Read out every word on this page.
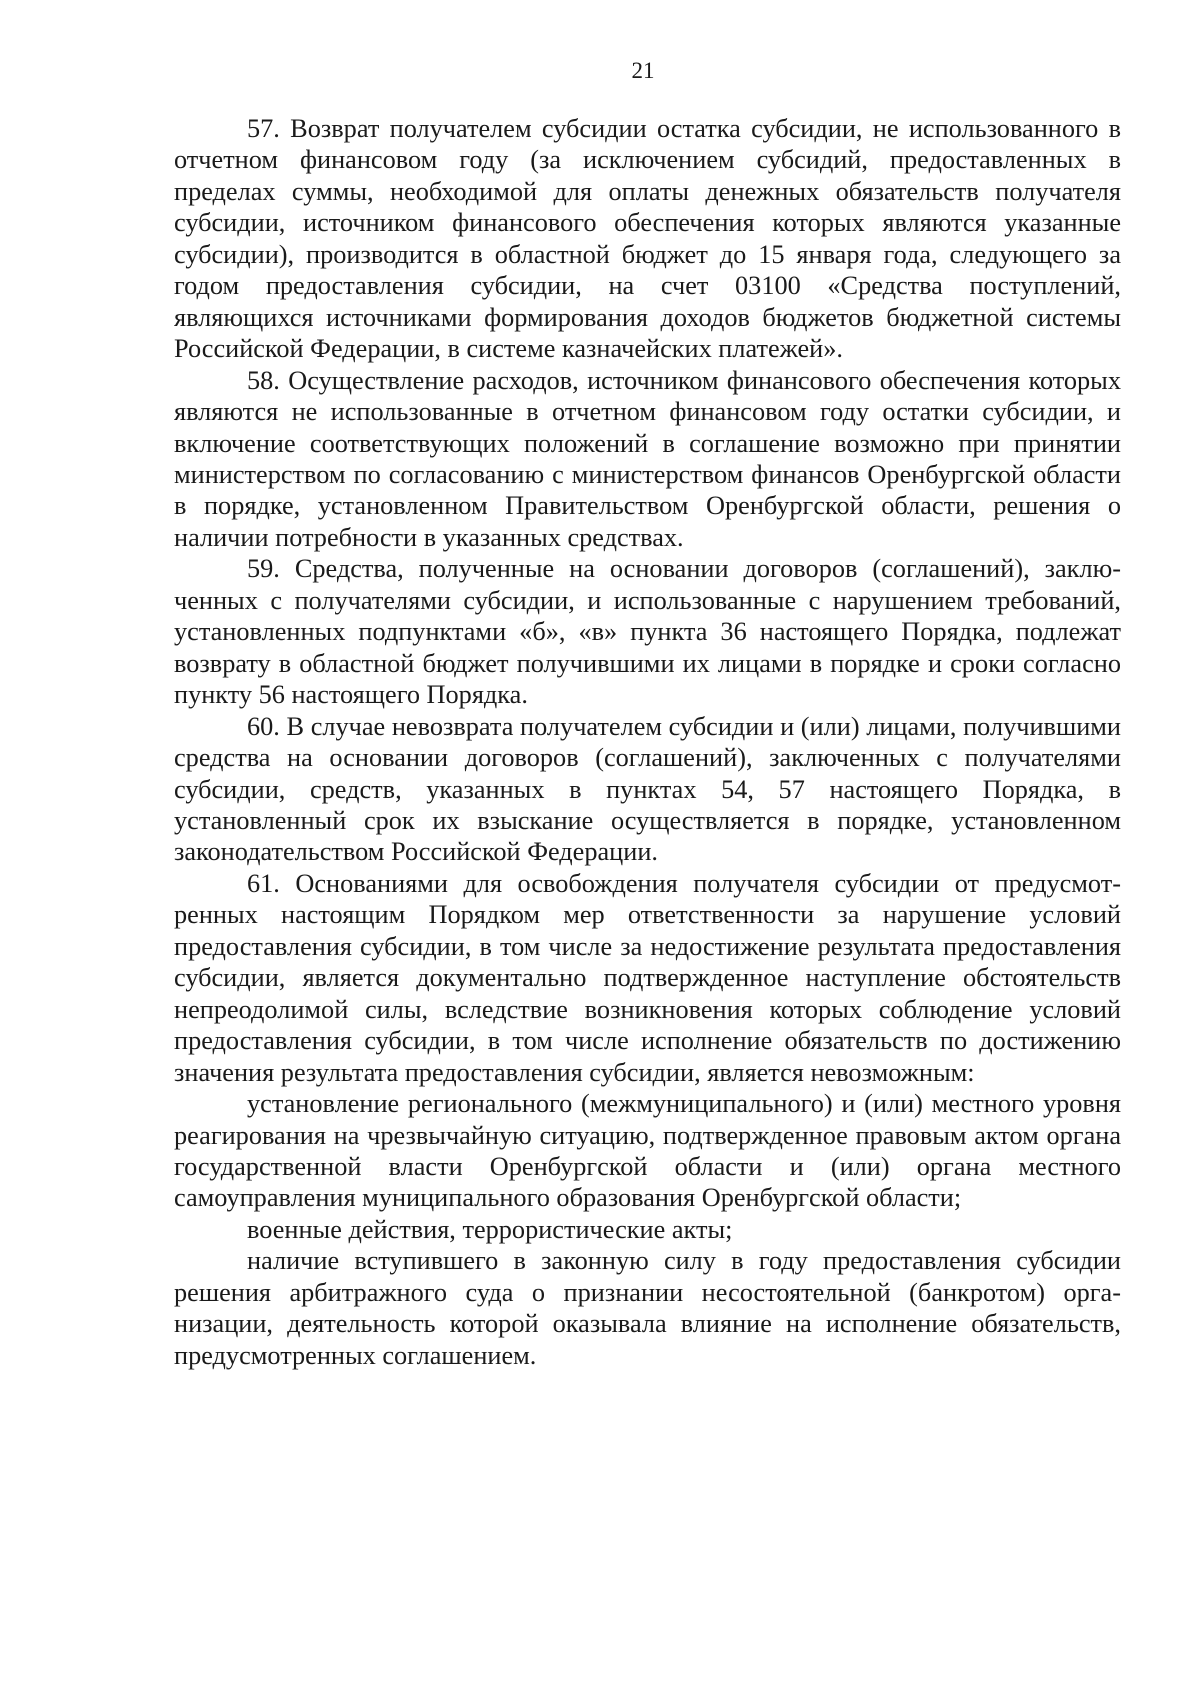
21

57. Возврат получателем субсидии остатка субсидии, не использованного в отчетном финансовом году (за исключением субсидий, предоставленных в пределах суммы, необходимой для оплаты денежных обязательств получателя субсидии, источником финансового обеспечения которых являются указанные субсидии), производится в областной бюджет до 15 января года, следующего за годом предоставления субсидии, на счет 03100 «Средства поступлений, являющихся источниками формирования доходов бюджетов бюджетной системы Российской Федерации, в системе казначейских платежей».

58. Осуществление расходов, источником финансового обеспечения которых являются не использованные в отчетном финансовом году остатки субсидии, и включение соответствующих положений в соглашение возможно при принятии министерством по согласованию с министерством финансов Оренбургской области в порядке, установленном Правительством Оренбургской области, решения о наличии потребности в указанных средствах.

59. Средства, полученные на основании договоров (соглашений), заключенных с получателями субсидии, и использованные с нарушением требований, установленных подпунктами «б», «в» пункта 36 настоящего Порядка, подлежат возврату в областной бюджет получившими их лицами в порядке и сроки согласно пункту 56 настоящего Порядка.

60. В случае невозврата получателем субсидии и (или) лицами, получившими средства на основании договоров (соглашений), заключенных с получателями субсидии, средств, указанных в пунктах 54, 57 настоящего Порядка, в установленный срок их взыскание осуществляется в порядке, установленном законодательством Российской Федерации.

61. Основаниями для освобождения получателя субсидии от предусмотренных настоящим Порядком мер ответственности за нарушение условий предоставления субсидии, в том числе за недостижение результата предоставления субсидии, является документально подтвержденное наступление обстоятельств непреодолимой силы, вследствие возникновения которых соблюдение условий предоставления субсидии, в том числе исполнение обязательств по достижению значения результата предоставления субсидии, является невозможным:

установление регионального (межмуниципального) и (или) местного уровня реагирования на чрезвычайную ситуацию, подтвержденное правовым актом органа государственной власти Оренбургской области и (или) органа местного самоуправления муниципального образования Оренбургской области;

военные действия, террористические акты;

наличие вступившего в законную силу в году предоставления субсидии решения арбитражного суда о признании несостоятельной (банкротом) организации, деятельность которой оказывала влияние на исполнение обязательств, предусмотренных соглашением.
